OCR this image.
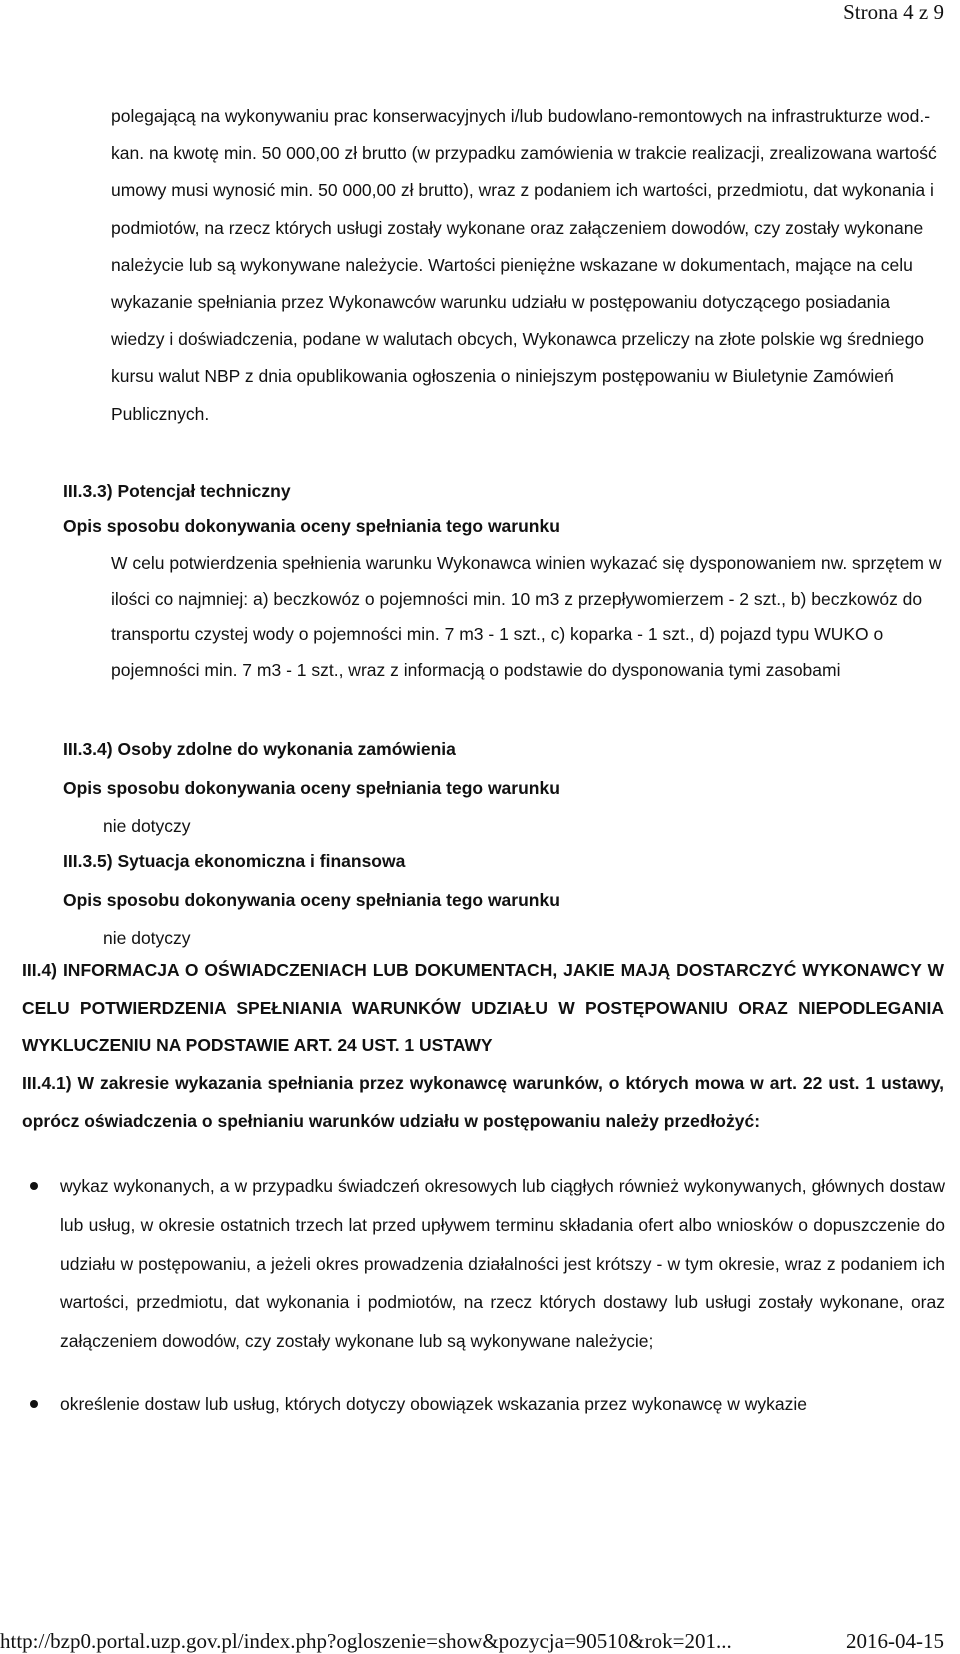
Strona 4 z 9
polegającą na wykonywaniu prac konserwacyjnych i/lub budowlano-remontowych na infrastrukturze wod.-kan. na kwotę min. 50 000,00 zł brutto (w przypadku zamówienia w trakcie realizacji, zrealizowana wartość umowy musi wynosić min. 50 000,00 zł brutto), wraz z podaniem ich wartości, przedmiotu, dat wykonania i podmiotów, na rzecz których usługi zostały wykonane oraz załączeniem dowodów, czy zostały wykonane należycie lub są wykonywane należycie. Wartości pieniężne wskazane w dokumentach, mające na celu wykazanie spełniania przez Wykonawców warunku udziału w postępowaniu dotyczącego posiadania wiedzy i doświadczenia, podane w walutach obcych, Wykonawca przeliczy na złote polskie wg średniego kursu walut NBP z dnia opublikowania ogłoszenia o niniejszym postępowaniu w Biuletynie Zamówień Publicznych.
III.3.3) Potencjał techniczny
Opis sposobu dokonywania oceny spełniania tego warunku
W celu potwierdzenia spełnienia warunku Wykonawca winien wykazać się dysponowaniem nw. sprzętem w ilości co najmniej: a) beczkowóz o pojemności min. 10 m3 z przepływomierzem - 2 szt., b) beczkowóz do transportu czystej wody o pojemności min. 7 m3 - 1 szt., c) koparka - 1 szt., d) pojazd typu WUKO o pojemności min. 7 m3 - 1 szt., wraz z informacją o podstawie do dysponowania tymi zasobami
III.3.4) Osoby zdolne do wykonania zamówienia
Opis sposobu dokonywania oceny spełniania tego warunku
nie dotyczy
III.3.5) Sytuacja ekonomiczna i finansowa
Opis sposobu dokonywania oceny spełniania tego warunku
nie dotyczy
III.4) INFORMACJA O OŚWIADCZENIACH LUB DOKUMENTACH, JAKIE MAJĄ DOSTARCZYĆ WYKONAWCY W CELU POTWIERDZENIA SPEŁNIANIA WARUNKÓW UDZIAŁU W POSTĘPOWANIU ORAZ NIEPODLEGANIA WYKLUCZENIU NA PODSTAWIE ART. 24 UST. 1 USTAWY
III.4.1) W zakresie wykazania spełniania przez wykonawcę warunków, o których mowa w art. 22 ust. 1 ustawy, oprócz oświadczenia o spełnianiu warunków udziału w postępowaniu należy przedłożyć:
wykaz wykonanych, a w przypadku świadczeń okresowych lub ciągłych również wykonywanych, głównych dostaw lub usług, w okresie ostatnich trzech lat przed upływem terminu składania ofert albo wniosków o dopuszczenie do udziału w postępowaniu, a jeżeli okres prowadzenia działalności jest krótszy - w tym okresie, wraz z podaniem ich wartości, przedmiotu, dat wykonania i podmiotów, na rzecz których dostawy lub usługi zostały wykonane, oraz załączeniem dowodów, czy zostały wykonane lub są wykonywane należycie;
określenie dostaw lub usług, których dotyczy obowiązek wskazania przez wykonawcę w wykazie
http://bzp0.portal.uzp.gov.pl/index.php?ogloszenie=show&pozycja=90510&rok=201...	2016-04-15
